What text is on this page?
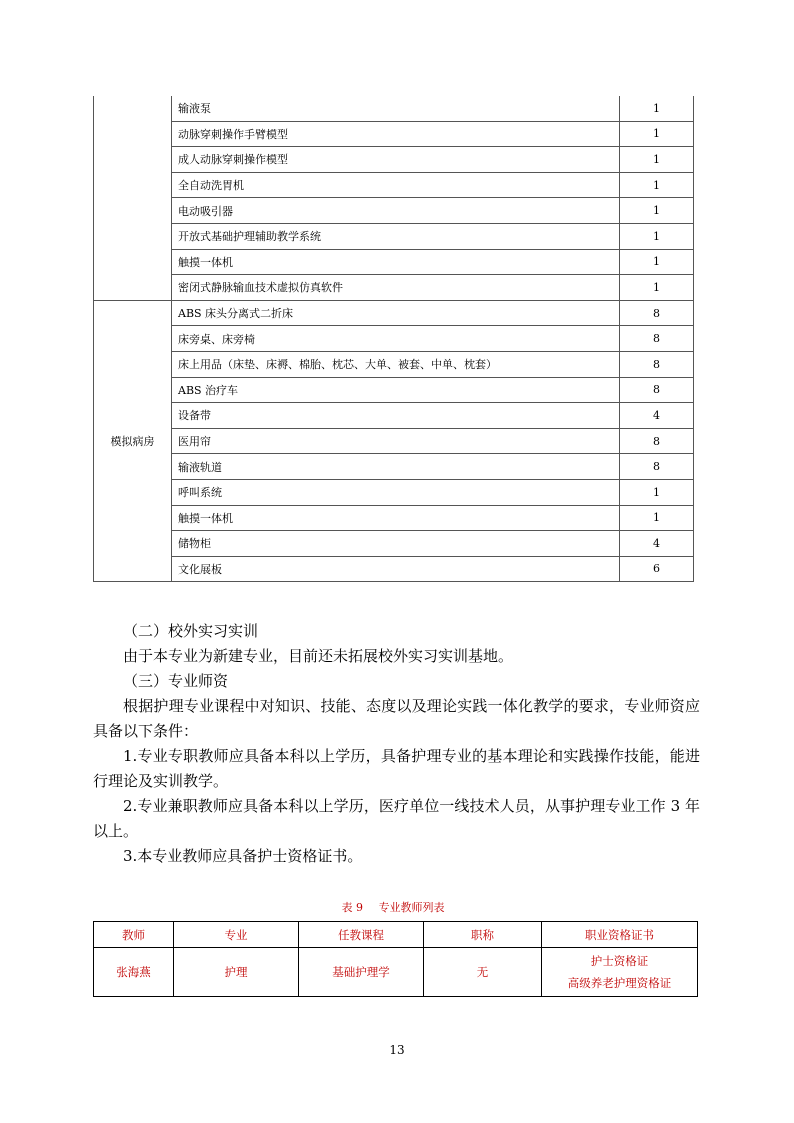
	输液泵	1
	动脉穿刺操作手臂模型	1
	成人动脉穿刺操作模型	1
	全自动洗胃机	1
	电动吸引器	1
	开放式基础护理辅助教学系统	1
	触摸一体机	1
	密闭式静脉输血技术虚拟仿真软件	1
模拟病房	ABS 床头分离式二折床	8
	床旁桌、床旁椅	8
	床上用品（床垫、床褥、棉胎、枕芯、大单、被套、中单、枕套）	8
	ABS 治疗车	8
	设备带	4
	医用帘	8
	输液轨道	8
	呼叫系统	1
	触摸一体机	1
	储物柜	4
	文化展板	6

（二）校外实习实训

由于本专业为新建专业，目前还未拓展校外实习实训基地。

（三）专业师资

根据护理专业课程中对知识、技能、态度以及理论实践一体化教学的要求，专业师资应具备以下条件：

1.专业专职教师应具备本科以上学历，具备护理专业的基本理论和实践操作技能，能进行理论及实训教学。

2.专业兼职教师应具备本科以上学历，医疗单位一线技术人员，从事护理专业工作 3 年以上。

3.本专业教师应具备护士资格证书。

表 9 专业教师列表
教师	专业	任教课程	职称	职业资格证书
张海燕	护理	基础护理学	无	护士资格证
高级养老护理资格证
13
